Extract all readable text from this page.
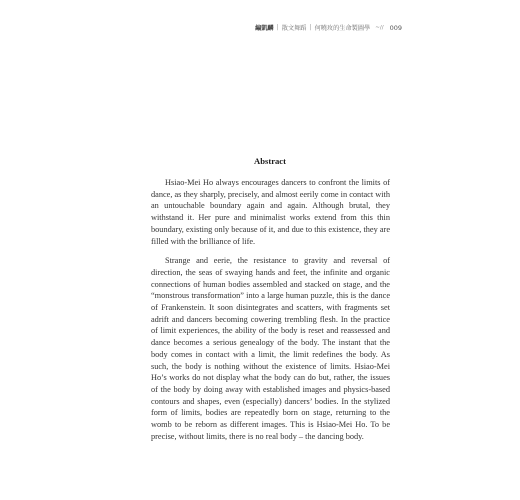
編凱麟 | 散文舞蹈 | 何曉玫的生命製圖學 ~// 009
Abstract

Hsiao-Mei Ho always encourages dancers to confront the limits of dance, as they sharply, precisely, and almost eerily come in contact with an untouchable boundary again and again. Although brutal, they withstand it. Her pure and minimalist works extend from this thin boundary, existing only because of it, and due to this existence, they are filled with the brilliance of life.

Strange and eerie, the resistance to gravity and reversal of direction, the seas of swaying hands and feet, the infinite and organic connections of human bodies assembled and stacked on stage, and the “monstrous transformation” into a large human puzzle, this is the dance of Frankenstein. It soon disintegrates and scatters, with fragments set adrift and dancers becoming cowering trembling flesh. In the practice of limit experiences, the ability of the body is reset and reassessed and dance becomes a serious genealogy of the body. The instant that the body comes in contact with a limit, the limit redefines the body. As such, the body is nothing without the existence of limits. Hsiao-Mei Ho’s works do not display what the body can do but, rather, the issues of the body by doing away with established images and physics-based contours and shapes, even (especially) dancers’ bodies. In the stylized form of limits, bodies are repeatedly born on stage, returning to the womb to be reborn as different images. This is Hsiao-Mei Ho. To be precise, without limits, there is no real body – the dancing body.
